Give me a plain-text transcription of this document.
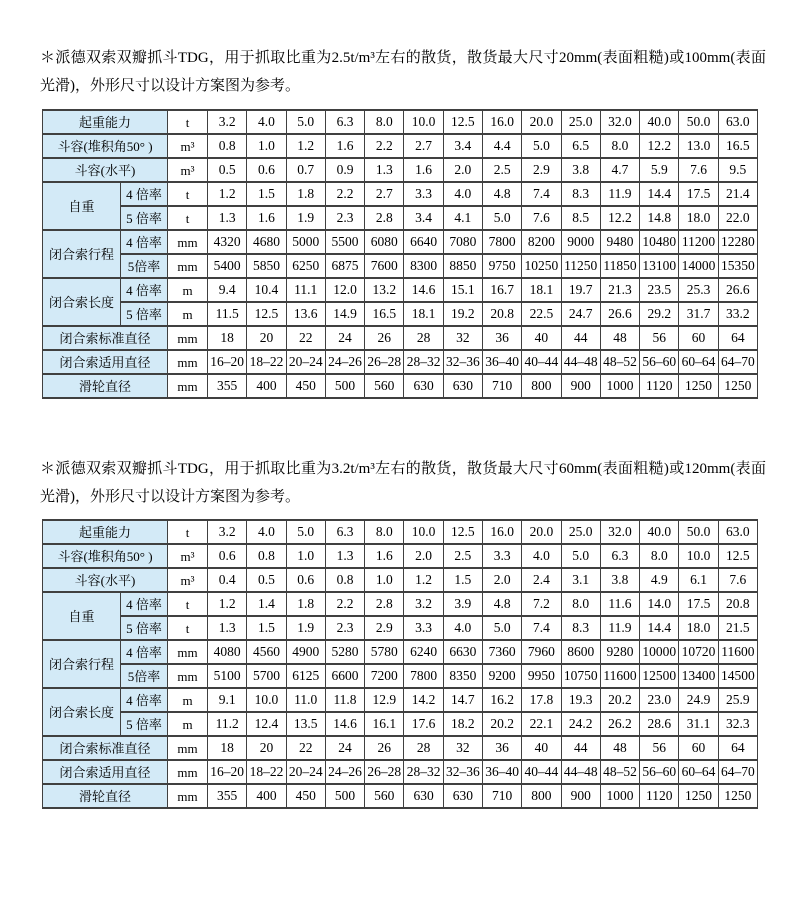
＊派德双索双瓣抓斗TDG，用于抓取比重为2.5t/m³左右的散货，散货最大尺寸20mm(表面粗糙)或100mm(表面光滑)，外形尺寸以设计方案图为参考。

起重能力		t	3.2	4.0	5.0	6.3	8.0	10.0	12.5	16.0	20.0	25.0	32.0	40.0	50.0	63.0
斗容(堆积角50° )		m³	0.8	1.0	1.2	1.6	2.2	2.7	3.4	4.4	5.0	6.5	8.0	12.2	13.0	16.5
斗容(水平)		m³	0.5	0.6	0.7	0.9	1.3	1.6	2.0	2.5	2.9	3.8	4.7	5.9	7.6	9.5
自重	4 倍率	t	1.2	1.5	1.8	2.2	2.7	3.3	4.0	4.8	7.4	8.3	11.9	14.4	17.5	21.4
	5 倍率	t	1.3	1.6	1.9	2.3	2.8	3.4	4.1	5.0	7.6	8.5	12.2	14.8	18.0	22.0
闭合索行程	4 倍率	mm	4320	4680	5000	5500	6080	6640	7080	7800	8200	9000	9480	10480	11200	12280
	5倍率	mm	5400	5850	6250	6875	7600	8300	8850	9750	10250	11250	11850	13100	14000	15350
闭合索长度	4 倍率	m	9.4	10.4	11.1	12.0	13.2	14.6	15.1	16.7	18.1	19.7	21.3	23.5	25.3	26.6
	5 倍率	m	11.5	12.5	13.6	14.9	16.5	18.1	19.2	20.8	22.5	24.7	26.6	29.2	31.7	33.2
闭合索标准直径		mm	18	20	22	24	26	28	32	36	40	44	48	56	60	64
闭合索适用直径		mm	16–20	18–22	20–24	24–26	26–28	28–32	32–36	36–40	40–44	44–48	48–52	56–60	60–64	64–70
滑轮直径		mm	355	400	450	500	560	630	630	710	800	900	1000	1120	1250	1250

＊派德双索双瓣抓斗TDG，用于抓取比重为3.2t/m³左右的散货，散货最大尺寸60mm(表面粗糙)或120mm(表面光滑)，外形尺寸以设计方案图为参考。

起重能力		t	3.2	4.0	5.0	6.3	8.0	10.0	12.5	16.0	20.0	25.0	32.0	40.0	50.0	63.0
斗容(堆积角50° )		m³	0.6	0.8	1.0	1.3	1.6	2.0	2.5	3.3	4.0	5.0	6.3	8.0	10.0	12.5
斗容(水平)		m³	0.4	0.5	0.6	0.8	1.0	1.2	1.5	2.0	2.4	3.1	3.8	4.9	6.1	7.6
自重	4 倍率	t	1.2	1.4	1.8	2.2	2.8	3.2	3.9	4.8	7.2	8.0	11.6	14.0	17.5	20.8
	5 倍率	t	1.3	1.5	1.9	2.3	2.9	3.3	4.0	5.0	7.4	8.3	11.9	14.4	18.0	21.5
闭合索行程	4 倍率	mm	4080	4560	4900	5280	5780	6240	6630	7360	7960	8600	9280	10000	10720	11600
	5倍率	mm	5100	5700	6125	6600	7200	7800	8350	9200	9950	10750	11600	12500	13400	14500
闭合索长度	4 倍率	m	9.1	10.0	11.0	11.8	12.9	14.2	14.7	16.2	17.8	19.3	20.2	23.0	24.9	25.9
	5 倍率	m	11.2	12.4	13.5	14.6	16.1	17.6	18.2	20.2	22.1	24.2	26.2	28.6	31.1	32.3
闭合索标准直径		mm	18	20	22	24	26	28	32	36	40	44	48	56	60	64
闭合索适用直径		mm	16–20	18–22	20–24	24–26	26–28	28–32	32–36	36–40	40–44	44–48	48–52	56–60	60–64	64–70
滑轮直径		mm	355	400	450	500	560	630	630	710	800	900	1000	1120	1250	1250
